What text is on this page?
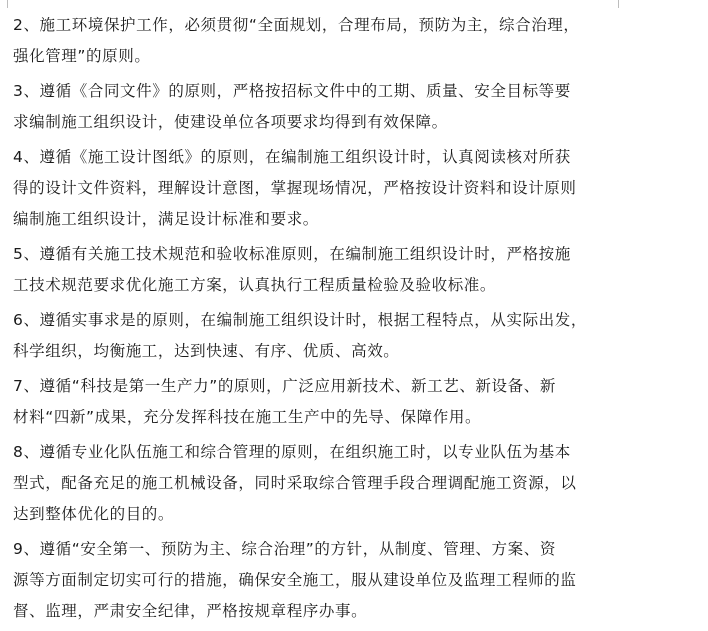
2、施工环境保护工作，必须贯彻“全面规划，合理布局，预防为主，综合治理，
强化管理”的原则。

3、遵循《合同文件》的原则，严格按招标文件中的工期、质量、安全目标等要
求编制施工组织设计，使建设单位各项要求均得到有效保障。

4、遵循《施工设计图纸》的原则，在编制施工组织设计时，认真阅读核对所获
得的设计文件资料，理解设计意图，掌握现场情况，严格按设计资料和设计原则
编制施工组织设计，满足设计标准和要求。

5、遵循有关施工技术规范和验收标准原则，在编制施工组织设计时，严格按施
工技术规范要求优化施工方案，认真执行工程质量检验及验收标准。

6、遵循实事求是的原则，在编制施工组织设计时，根据工程特点，从实际出发，
科学组织，均衡施工，达到快速、有序、优质、高效。

7、遵循“科技是第一生产力”的原则，广泛应用新技术、新工艺、新设备、新
材料“四新”成果，充分发挥科技在施工生产中的先导、保障作用。

8、遵循专业化队伍施工和综合管理的原则，在组织施工时，以专业队伍为基本
型式，配备充足的施工机械设备，同时采取综合管理手段合理调配施工资源，以
达到整体优化的目的。

9、遵循“安全第一、预防为主、综合治理”的方针，从制度、管理、方案、资
源等方面制定切实可行的措施，确保安全施工，服从建设单位及监理工程师的监
督、监理，严肃安全纪律，严格按规章程序办事。
